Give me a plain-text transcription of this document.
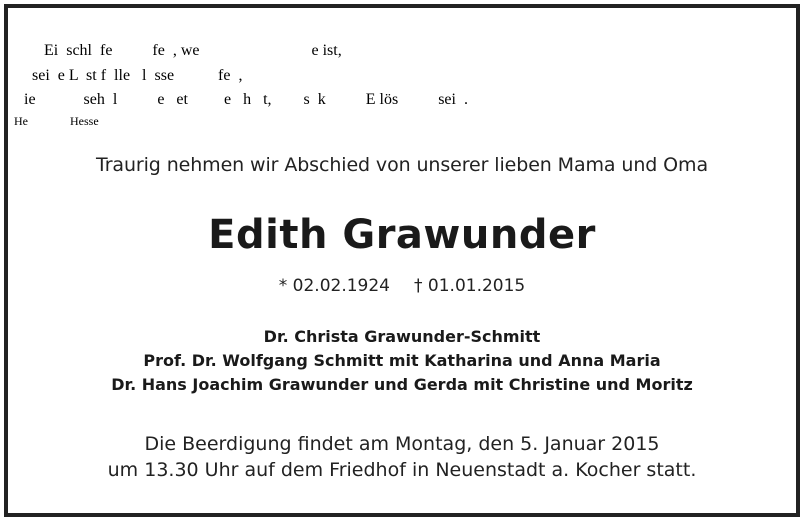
Ei  schl  fe          fe  , we                            e ist,
sei  e L  st f  lle   l  sse           fe  ,
ie            seh  l          e   et         e   h   t,        s  k          E lös          sei  .
He              Hesse
Traurig nehmen wir Abschied von unserer lieben Mama und Oma
Edith Grawunder
* 02.02.1924 † 01.01.2015
Dr. Christa Grawunder-Schmitt
Prof. Dr. Wolfgang Schmitt mit Katharina und Anna Maria
Dr. Hans Joachim Grawunder und Gerda mit Christine und Moritz
Die Beerdigung findet am Montag, den 5. Januar 2015
um 13.30 Uhr auf dem Friedhof in Neuenstadt a. Kocher statt.
